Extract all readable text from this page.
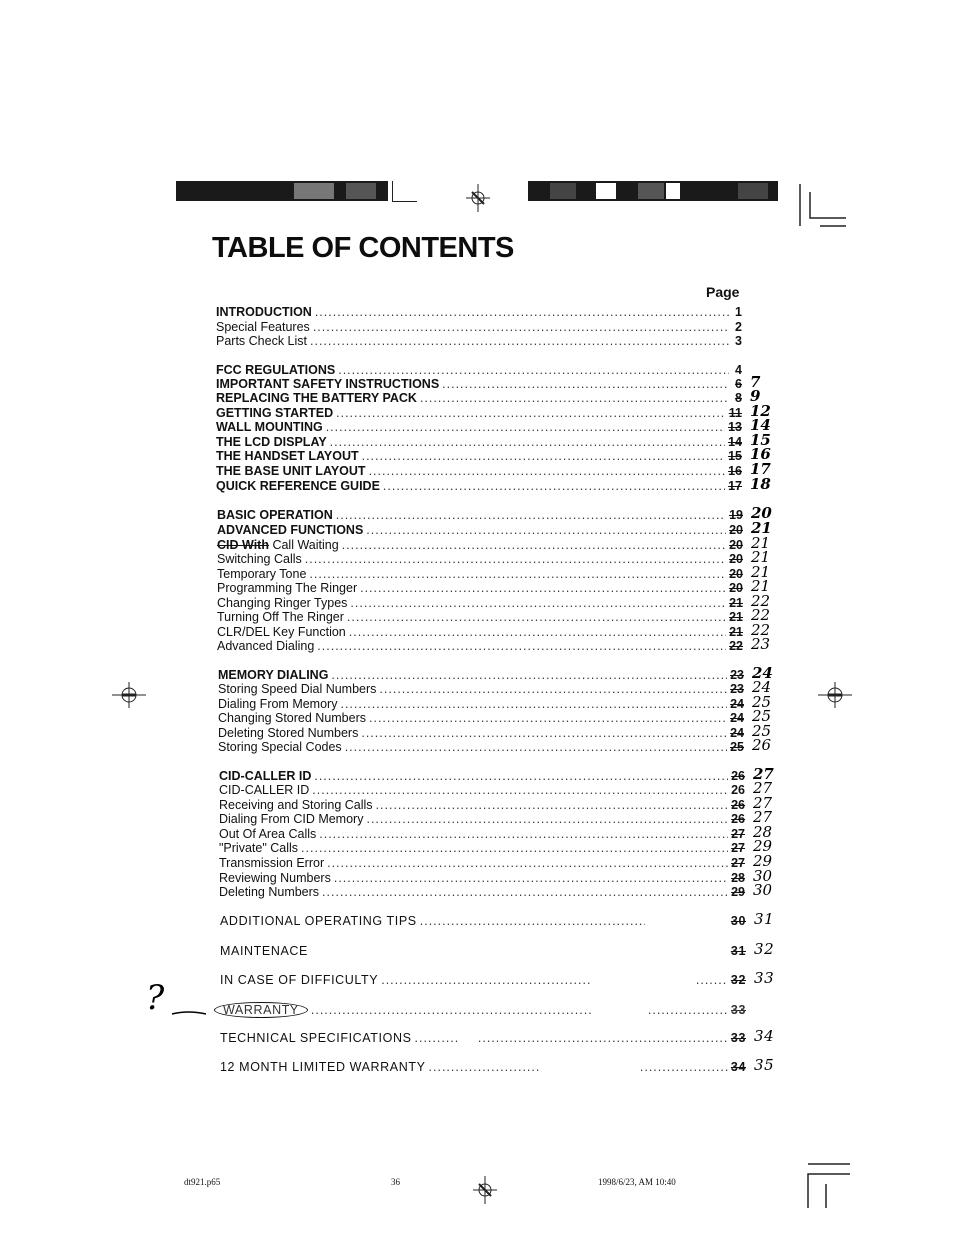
TABLE OF CONTENTS
Page
INTRODUCTION .....	1
Special Features .....	2
Parts Check List .....	3
FCC REGULATIONS .....	4
IMPORTANT SAFETY INSTRUCTIONS .....	6 7
REPLACING THE BATTERY PACK .....	8 9
GETTING STARTED .....	11 12
WALL MOUNTING .....	13 14
THE LCD DISPLAY .....	14 15
THE HANDSET LAYOUT .....	15 16
THE BASE UNIT LAYOUT .....	16 17
QUICK REFERENCE GUIDE .....	17 18
BASIC OPERATION .....	19 20
ADVANCED FUNCTIONS .....	20 21
CID With
Call Waiting .....	20 21
Switching Calls .....	20 21
Temporary Tone .....	20 21
Programming The Ringer .....	20 21
Changing Ringer Types .....	21 22
Turning Off The Ringer .....	21 22
CLR/DEL Key Function .....	21 22
Advanced Dialing .....	22 23
MEMORY DIALING .....	23 24
Storing Speed Dial Numbers .....	23 24
Dialing From Memory .....	24 25
Changing Stored Numbers .....	24 25
Deleting Stored Numbers .....	24 25
Storing Special Codes .....	25 26
CID-CALLER ID .....	26 27
CID-CALLER ID .....	26 27
Receiving and Storing Calls .....	26 27
Dialing From CID Memory .....	26 27
Out Of Area Calls .....	27 28
"Private" Calls .....	27 29
Transmission Error .....	27 29
Reviewing Numbers .....	28 30
Deleting Numbers .....	29 30
ADDITIONAL OPERATING TIPS .....	30 31
MAINTENACE	31 32
IN CASE OF DIFFICULTY ..... .....	32 33
WARRANTY ..... .....	33
TECHNICAL SPECIFICATIONS ..... .....	33 34
12 MONTH LIMITED WARRANTY ..... .....	34 35
?
dt921.p65	36	1998/6/23, AM 10:40
